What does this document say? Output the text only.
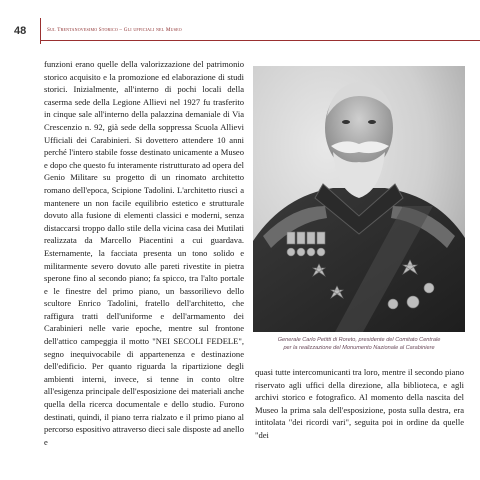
48	Sul Trentanovesimo Storico – Gli ufficiali nel Museo
funzioni erano quelle della valorizzazione del patrimonio storico acquisito e la promozione ed elaborazione di studi storici. Inizialmente, all'interno di pochi locali della caserma sede della Legione Allievi nel 1927 fu trasferito in cinque sale all'interno della palazzina demaniale di Via Crescenzio n. 92, già sede della soppressa Scuola Allievi Ufficiali dei Carabinieri. Si dovettero attendere 10 anni perché l'intero stabile fosse destinato unicamente a Museo e dopo che questo fu interamente ristrutturato ad opera del Genio Militare su progetto di un rinomato architetto romano dell'epoca, Scipione Tadolini. L'architetto riuscì a mantenere un non facile equilibrio estetico e strutturale dovuto alla fusione di elementi classici e moderni, senza distaccarsi troppo dallo stile della vicina casa dei Mutilati realizzata da Marcello Piacentini a cui guardava. Esternamente, la facciata presenta un tono solido e militarmente severo dovuto alle pareti rivestite in pietra sperone fino al secondo piano; fa spicco, tra l'alto portale e le finestre del primo piano, un bassorilievo dello scultore Enrico Tadolini, fratello dell'architetto, che raffigura tratti dell'uniforme e dell'armamento dei Carabinieri nelle varie epoche, mentre sul frontone dell'attico campeggia il motto "NEI SECOLI FEDELE", segno inequivocabile di appartenenza e destinazione dell'edificio. Per quanto riguarda la ripartizione degli ambienti interni, invece, si tenne in conto oltre all'esigenza principale dell'esposizione dei materiali anche quella della ricerca documentale e dello studio. Furono destinati, quindi, il piano terra rialzato e il primo piano al percorso espositivo attraverso dieci sale disposte ad anello e
Generale Carlo Petitti di Roreto, presidente del Comitato Centrale
per la realizzazione del Monumento Nazionale al Carabiniere
quasi tutte intercomunicanti tra loro, mentre il secondo piano riservato agli uffici della direzione, alla biblioteca, e agli archivi storico e fotografico. Al momento della nascita del Museo la prima sala dell'esposizione, posta sulla destra, era intitolata "dei ricordi vari", seguita poi in ordine da quelle "dei
